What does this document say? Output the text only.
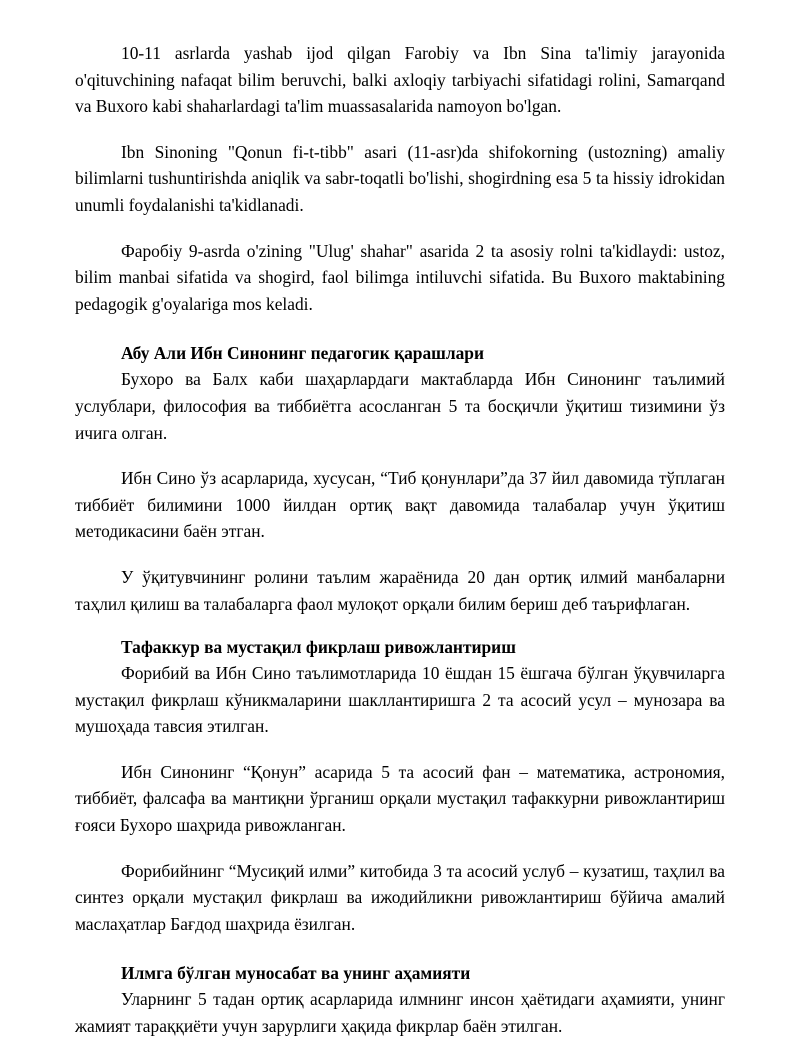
10-11 asrlarda yashab ijod qilgan Farobiy va Ibn Sina ta'limiy jarayonida o'qituvchining nafaqat bilim beruvchi, balki axloqiy tarbiyachi sifatidagi rolini, Samarqand va Buxoro kabi shaharlardagi ta'lim muassasalarida namoyon bo'lgan.

Ibn Sinoning "Qonun fi-t-tibb" asari (11-asr)da shifokorning (ustozning) amaliy bilimlarni tushuntirishda aniqlik va sabr-toqatli bo'lishi, shogirdning esa 5 ta hissiy idrokidan unumli foydalanishi ta'kidlanadi.

Фаробiy 9-asrda o'zining "Ulug' shahar" asarida 2 ta asosiy rolni ta'kidlaydi: ustoz, bilim manbai sifatida va shogird, faol bilimga intiluvchi sifatida. Bu Buxoro maktabining pedagogik g'oyalariga mos keladi.

Абу Али Ибн Синонинг педагогик қарашлари

Бухоро ва Балх каби шаҳарлардаги мактабларда Ибн Синонинг таълимий услублари, философия ва тиббиётга асосланган 5 та босқичли ўқитиш тизимини ўз ичига олган.

Ибн Сино ўз асарларида, хусусан, “Тиб қонунлари”да 37 йил давомида тўплаган тиббиёт билимини 1000 йилдан ортиқ вақт давомида талабалар учун ўқитиш методикасини баён этган.

У ўқитувчининг ролини таълим жараёнида 20 дан ортиқ илмий манбаларни таҳлил қилиш ва талабаларга фаол мулоқот орқали билим бериш деб таърифлаган.

Тафаккур ва мустақил фикрлаш ривожлантириш

Форибий ва Ибн Сино таълимотларида 10 ёшдан 15 ёшгача бўлган ўқувчиларга мустақил фикрлаш кўникмаларини шакллантиришга 2 та асосий усул – мунозара ва мушоҳада тавсия этилган.

Ибн Синонинг “Қонун” асарида 5 та асосий фан – математика, астрономия, тиббиёт, фалсафа ва мантиқни ўрганиш орқали мустақил тафаккурни ривожлантириш ғояси Бухоро шаҳрида ривожланган.

Форибийнинг “Мусиқий илми” китобида 3 та асосий услуб – кузатиш, таҳлил ва синтез орқали мустақил фикрлаш ва ижодийликни ривожлантириш бўйича амалий маслаҳатлар Бағдод шаҳрида ёзилган.

Илмга бўлган муносабат ва унинг аҳамияти

Уларнинг 5 тадан ортиқ асарларида илмнинг инсон ҳаётидаги аҳамияти, унинг жамият тараққиёти учун зарурлиги ҳақида фикрлар баён этилган.
